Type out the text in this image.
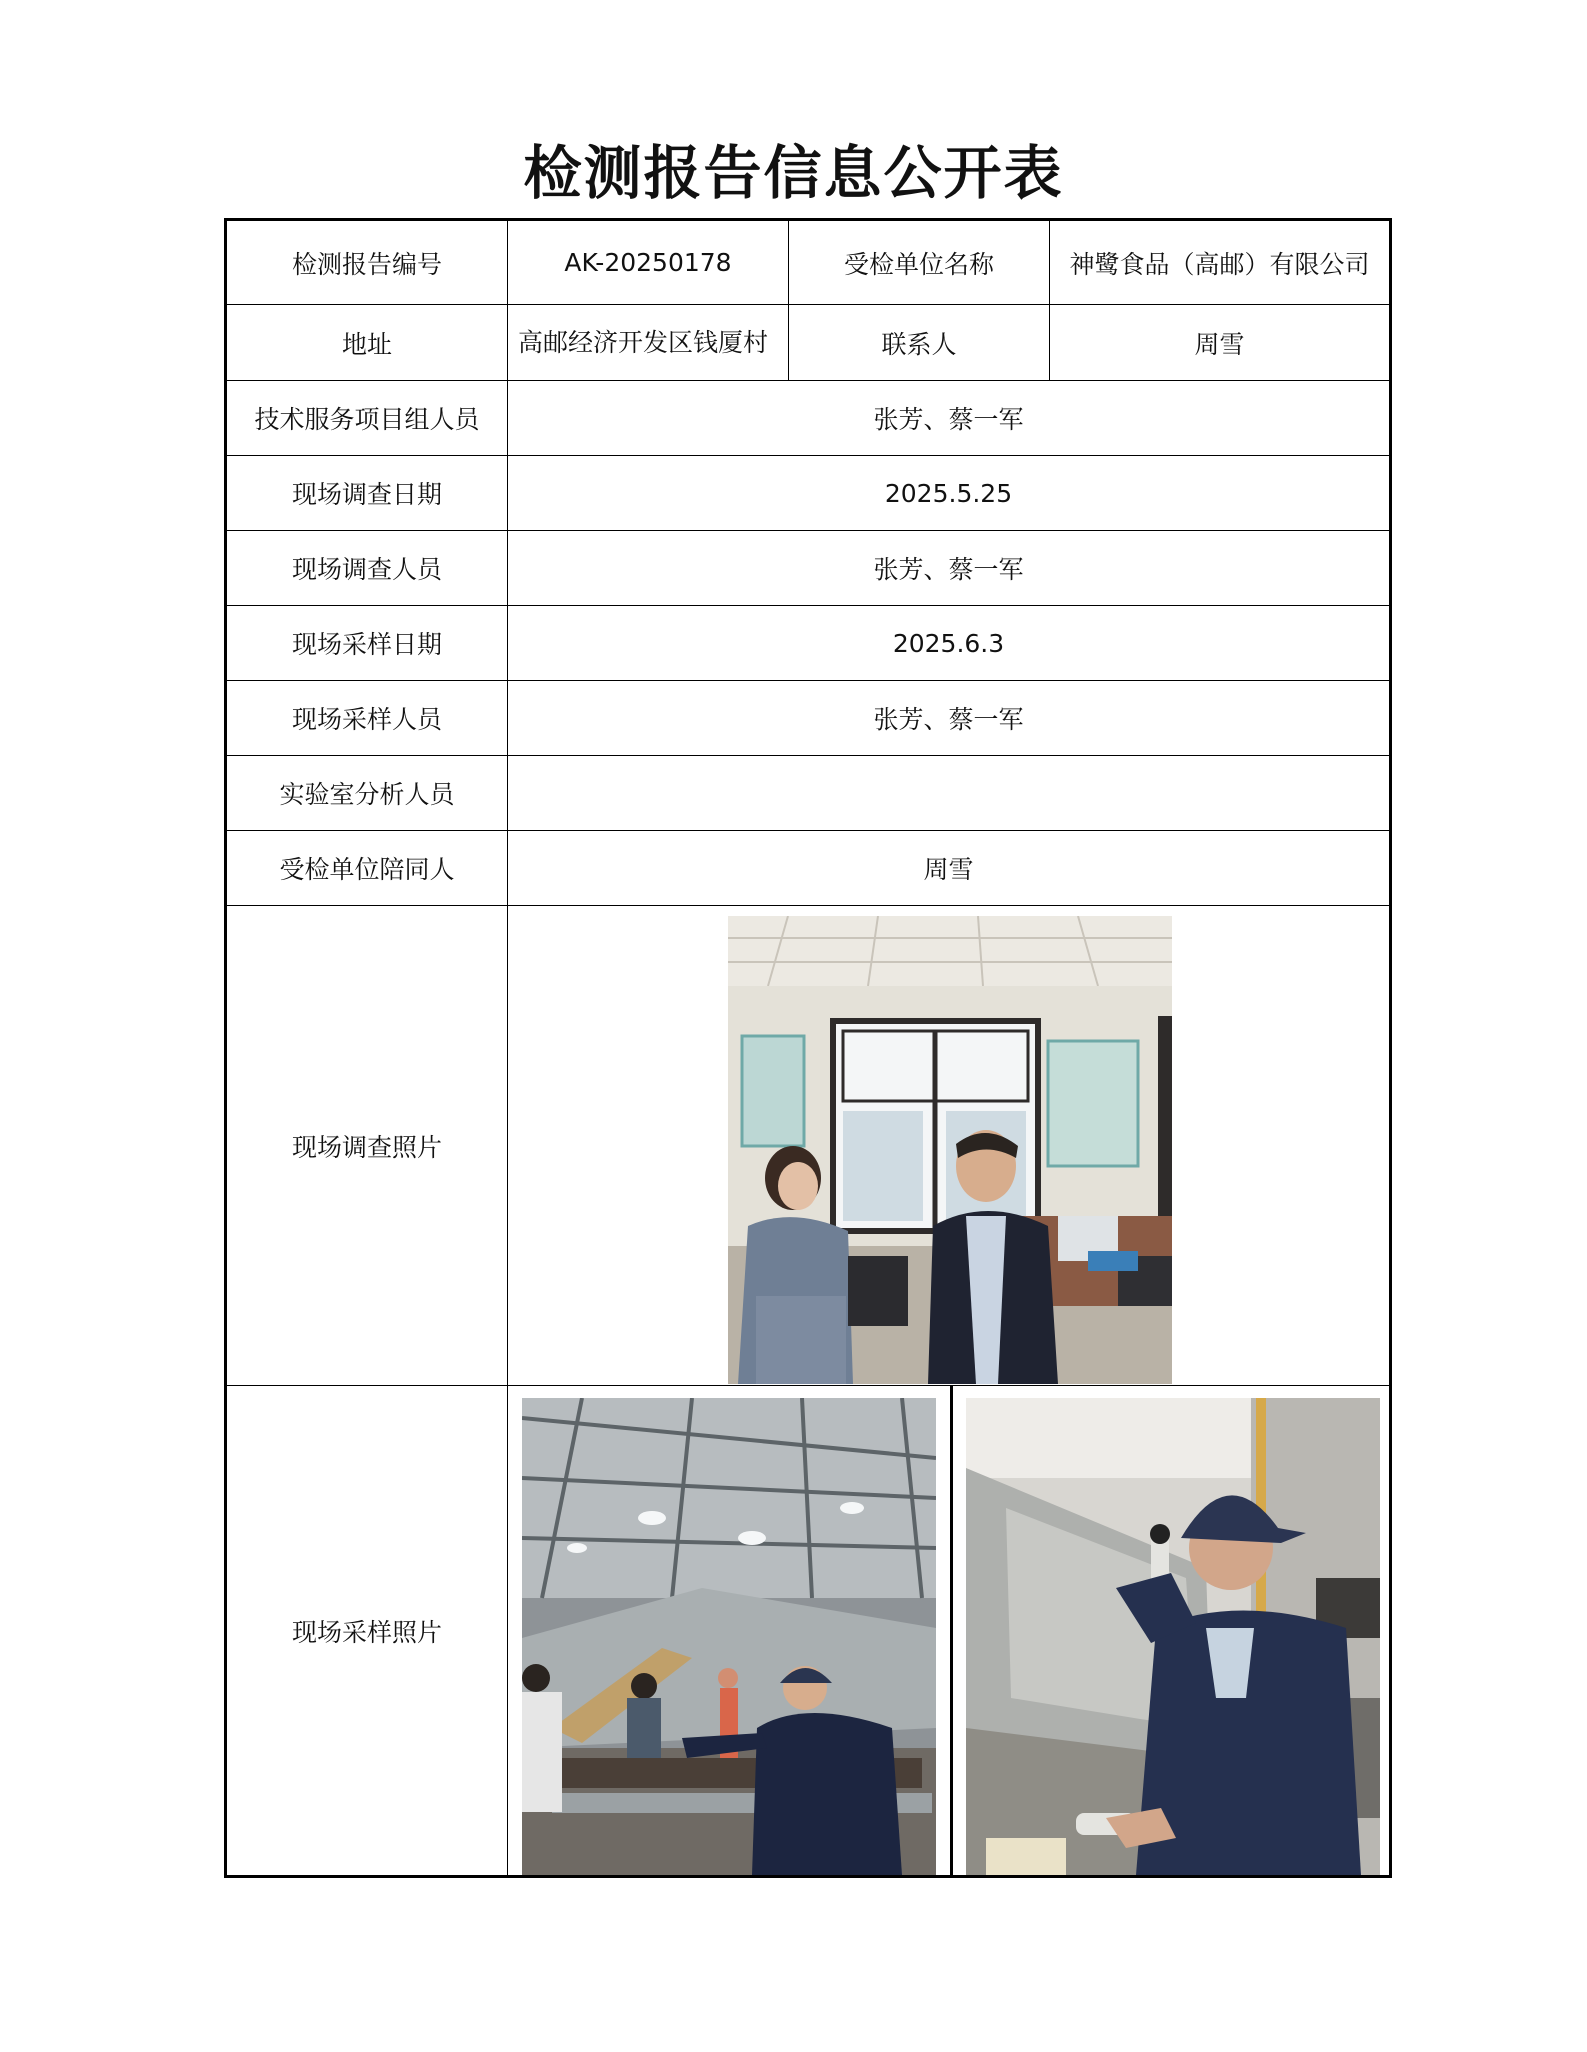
检测报告信息公开表
检测报告编号	AK-20250178	受检单位名称	神鹭食品（高邮）有限公司
地址	高邮经济开发区钱厦村	联系人	周雪
技术服务项目组人员	张芳、蔡一军
现场调查日期	2025.5.25
现场调查人员	张芳、蔡一军
现场采样日期	2025.6.3
现场采样人员	张芳、蔡一军
实验室分析人员
受检单位陪同人	周雪
现场调查照片
现场采样照片
